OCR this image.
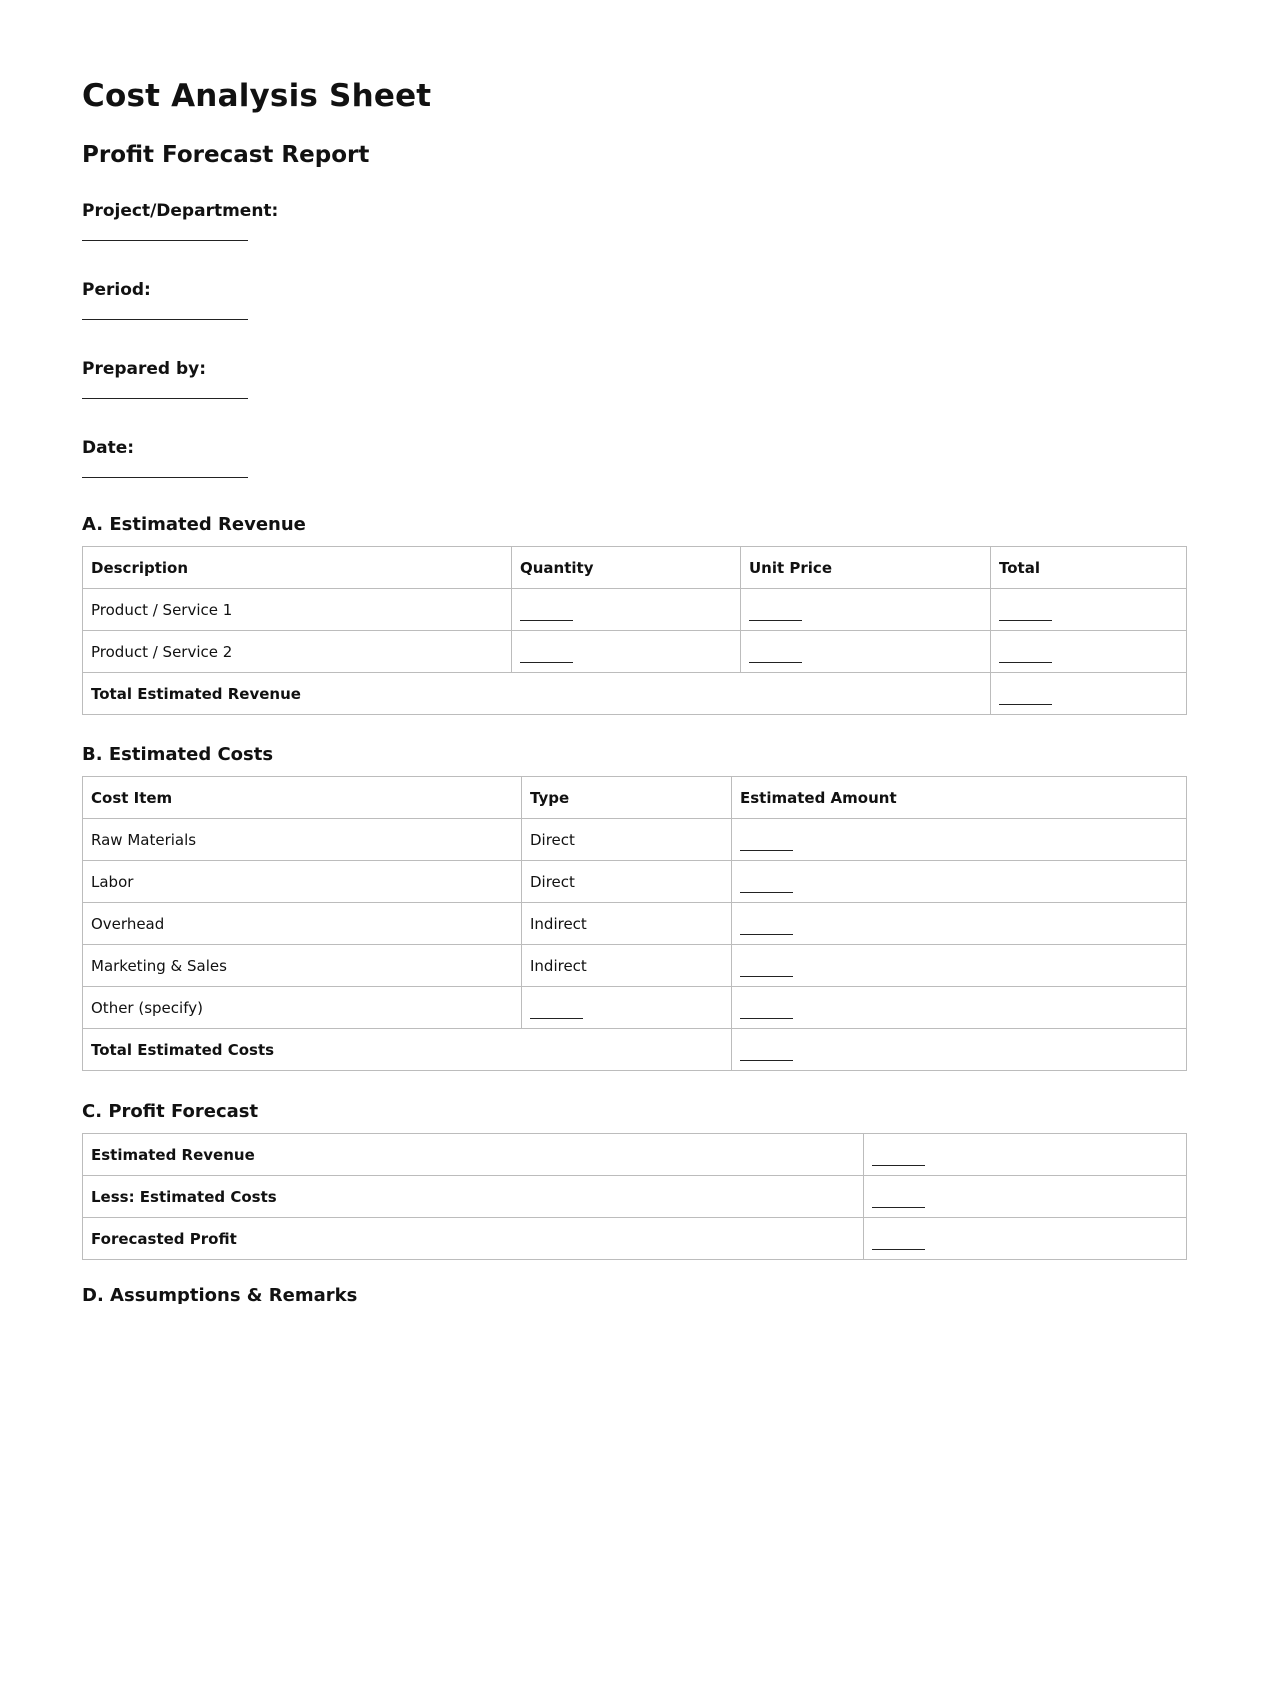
Cost Analysis Sheet
Profit Forecast Report
Project/Department:
Period:
Prepared by:
Date:
A. Estimated Revenue
Description	Quantity	Unit Price	Total
Product / Service 1			
Product / Service 2			
Total Estimated Revenue			
B. Estimated Costs
Cost Item	Type	Estimated Amount
Raw Materials	Direct	
Labor	Direct	
Overhead	Indirect	
Marketing & Sales	Indirect	
Other (specify)		
Total Estimated Costs		
C. Profit Forecast
Estimated Revenue	
Less: Estimated Costs	
Forecasted Profit	
D. Assumptions & Remarks
